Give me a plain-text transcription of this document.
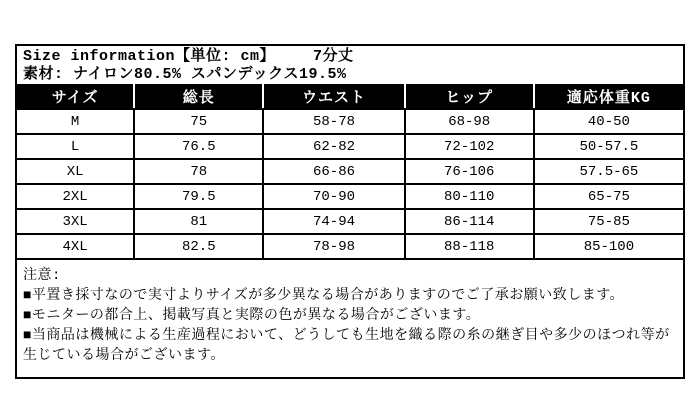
Size information【単位: cm】    7分丈
素材: ナイロン80.5% スパンデックス19.5%
サイズ	総長	ウエスト	ヒップ	適応体重KG
M	75	58-78	68-98	40-50
L	76.5	62-82	72-102	50-57.5
XL	78	66-86	76-106	57.5-65
2XL	79.5	70-90	80-110	65-75
3XL	81	74-94	86-114	75-85
4XL	82.5	78-98	88-118	85-100
注意:
■平置き採寸なので実寸よりサイズが多少異なる場合がありますのでご了承お願い致します。
■モニターの都合上、掲載写真と実際の色が異なる場合がございます。
■当商品は機械による生産過程において、どうしても生地を織る際の糸の継ぎ目や多少のほつれ等が生じている場合がございます。
